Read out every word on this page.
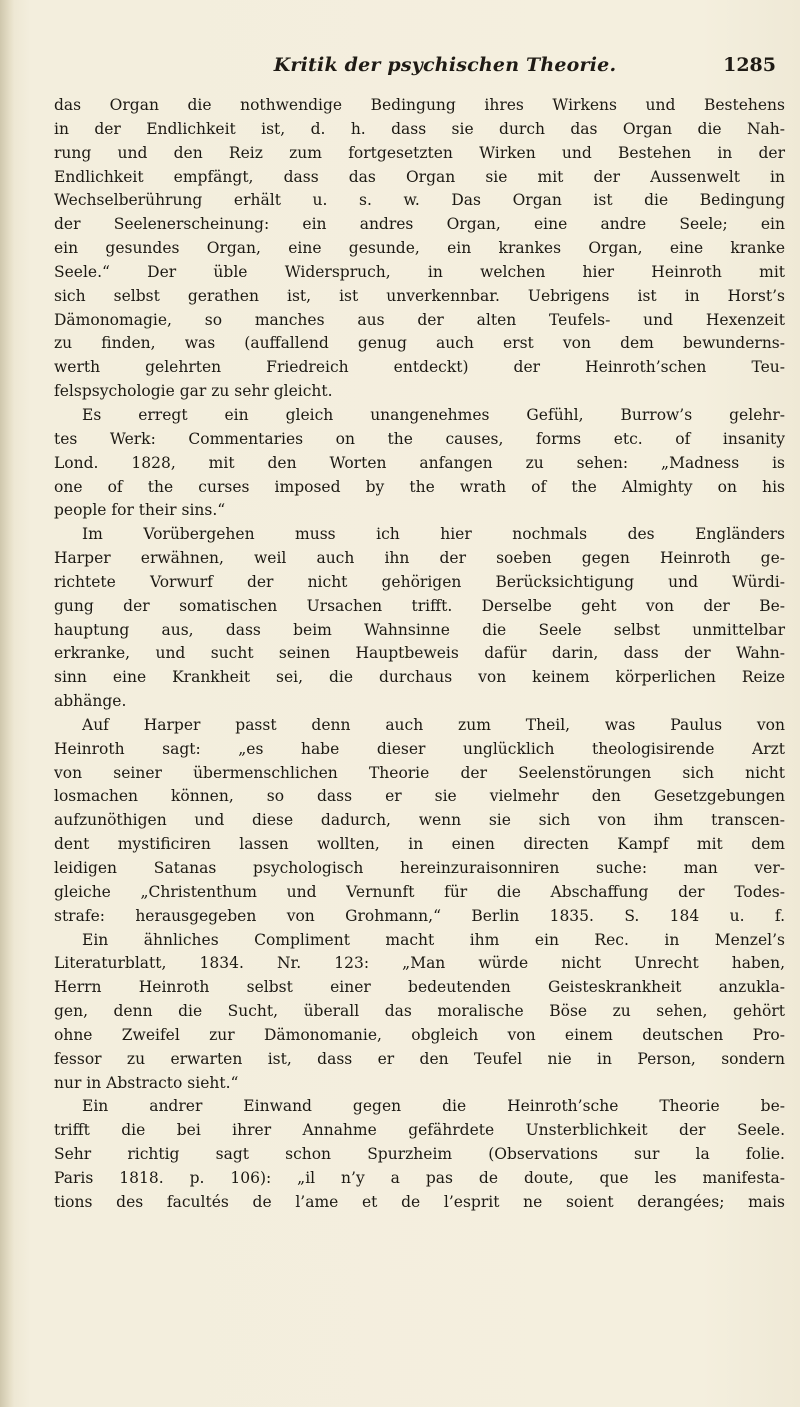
Kritik der psychischen Theorie.	1285
das Organ die nothwendige Bedingung ihres Wirkens und Bestehens
in der Endlichkeit ist, d. h. dass sie durch das Organ die Nah-
rung und den Reiz zum fortgesetzten Wirken und Bestehen in der
Endlichkeit empfängt, dass das Organ sie mit der Aussenwelt in
Wechselberührung erhält u. s. w. Das Organ ist die Bedingung
der Seelenerscheinung: ein andres Organ, eine andre Seele; ein
ein gesundes Organ, eine gesunde, ein krankes Organ, eine kranke
Seele.“ Der üble Widerspruch, in welchen hier Heinroth mit
sich selbst gerathen ist, ist unverkennbar. Uebrigens ist in Horst’s
Dämonomagie, so manches aus der alten Teufels- und Hexenzeit
zu finden, was (auffallend genug auch erst von dem bewunderns-
werth gelehrten Friedreich entdeckt) der Heinroth’schen Teu-
felspsychologie gar zu sehr gleicht.
Es erregt ein gleich unangenehmes Gefühl, Burrow’s gelehr-
tes Werk: Commentaries on the causes, forms etc. of insanity
Lond. 1828, mit den Worten anfangen zu sehen: „Madness is
one of the curses imposed by the wrath of the Almighty on his
people for their sins.“
Im Vorübergehen muss ich hier nochmals des Engländers
Harper erwähnen, weil auch ihn der soeben gegen Heinroth ge-
richtete Vorwurf der nicht gehörigen Berücksichtigung und Würdi-
gung der somatischen Ursachen trifft. Derselbe geht von der Be-
hauptung aus, dass beim Wahnsinne die Seele selbst unmittelbar
erkranke, und sucht seinen Hauptbeweis dafür darin, dass der Wahn-
sinn eine Krankheit sei, die durchaus von keinem körperlichen Reize
abhänge.
Auf Harper passt denn auch zum Theil, was Paulus von
Heinroth sagt: „es habe dieser unglücklich theologisirende Arzt
von seiner übermenschlichen Theorie der Seelenstörungen sich nicht
losmachen können, so dass er sie vielmehr den Gesetzgebungen
aufzunöthigen und diese dadurch, wenn sie sich von ihm transcen-
dent mystificiren lassen wollten, in einen directen Kampf mit dem
leidigen Satanas psychologisch hereinzuraisonniren suche: man ver-
gleiche „Christenthum und Vernunft für die Abschaffung der Todes-
strafe: herausgegeben von Grohmann,“ Berlin 1835. S. 184 u. f.
Ein ähnliches Compliment macht ihm ein Rec. in Menzel’s
Literaturblatt, 1834. Nr. 123: „Man würde nicht Unrecht haben,
Herrn Heinroth selbst einer bedeutenden Geisteskrankheit anzukla-
gen, denn die Sucht, überall das moralische Böse zu sehen, gehört
ohne Zweifel zur Dämonomanie, obgleich von einem deutschen Pro-
fessor zu erwarten ist, dass er den Teufel nie in Person, sondern
nur in Abstracto sieht.“
Ein andrer Einwand gegen die Heinroth’sche Theorie be-
trifft die bei ihrer Annahme gefährdete Unsterblichkeit der Seele.
Sehr richtig sagt schon Spurzheim (Observations sur la folie.
Paris 1818. p. 106): „il n’y a pas de doute, que les manifesta-
tions des facultés de l’ame et de l’esprit ne soient derangées; mais
